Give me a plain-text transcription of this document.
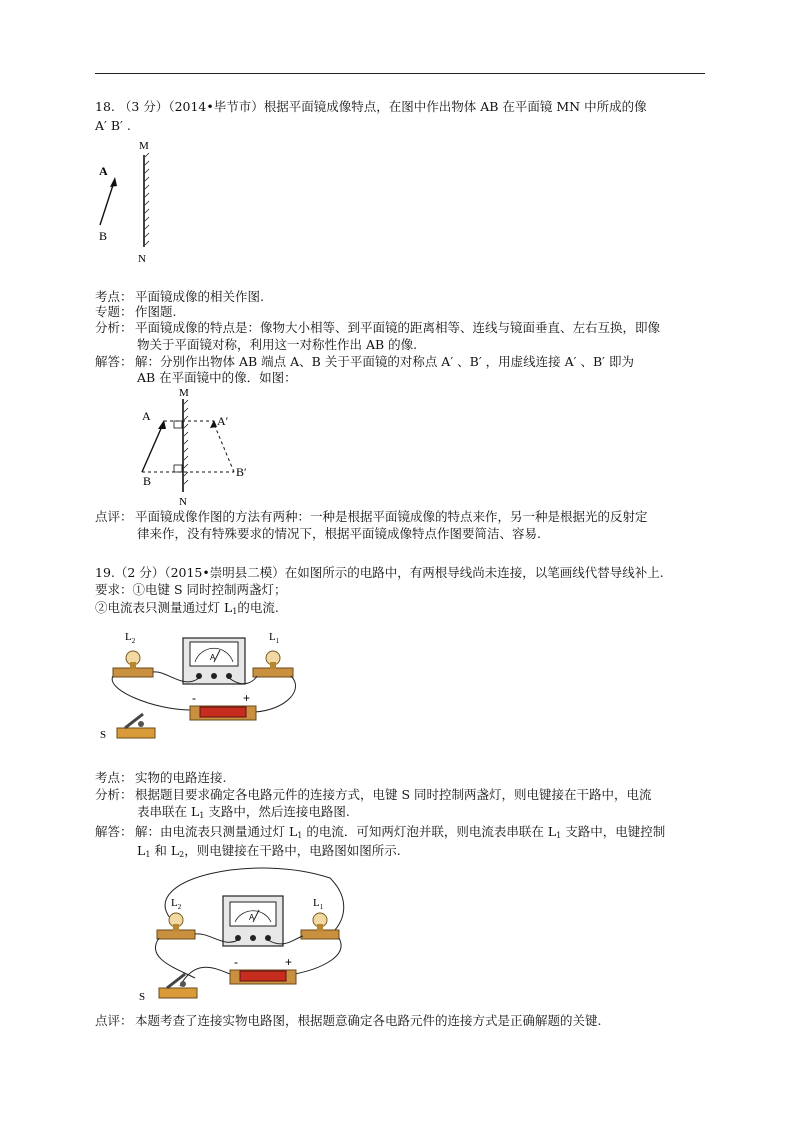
18. （3 分）（2014•毕节市）根据平面镜成像特点，在图中作出物体 AB 在平面镜 MN 中所成的像
A′ B′ .
M
N
A
B
考点： 平面镜成像的相关作图.
专题： 作图题.
分析： 平面镜成像的特点是：像物大小相等、到平面镜的距离相等、连线与镜面垂直、左右互换，即像
物关于平面镜对称，利用这一对称性作出 AB 的像.
解答： 解：分别作出物体 AB 端点 A、B 关于平面镜的对称点 A′ 、B′ ，用虚线连接 A′ 、B′ 即为
AB 在平面镜中的像．如图：
M
N
A
B
A′
B′
点评： 平面镜成像作图的方法有两种：一种是根据平面镜成像的特点来作，另一种是根据光的反射定
律来作，没有特殊要求的情况下，根据平面镜成像特点作图要简洁、容易.
19.（2 分）（2015•崇明县二模）在如图所示的电路中，有两根导线尚未连接，以笔画线代替导线补上.
要求：①电键 S 同时控制两盏灯；
②电流表只测量通过灯 $L_1$的电流.
$L_2$
A
$L_1$
-	+
S
考点： 实物的电路连接.
分析： 根据题目要求确定各电路元件的连接方式，电键 S 同时控制两盏灯，则电键接在干路中，电流
表串联在 $L_1$ 支路中，然后连接电路图.
解答： 解：由电流表只测量通过灯 $L_1$ 的电流．可知两灯泡并联，则电流表串联在 $L_1$ 支路中，电键控制
$L_1$ 和 $L_2$，则电键接在干路中，电路图如图所示.
$L_2$
A
$L_1$
-	+
S
点评： 本题考查了连接实物电路图，根据题意确定各电路元件的连接方式是正确解题的关键.
